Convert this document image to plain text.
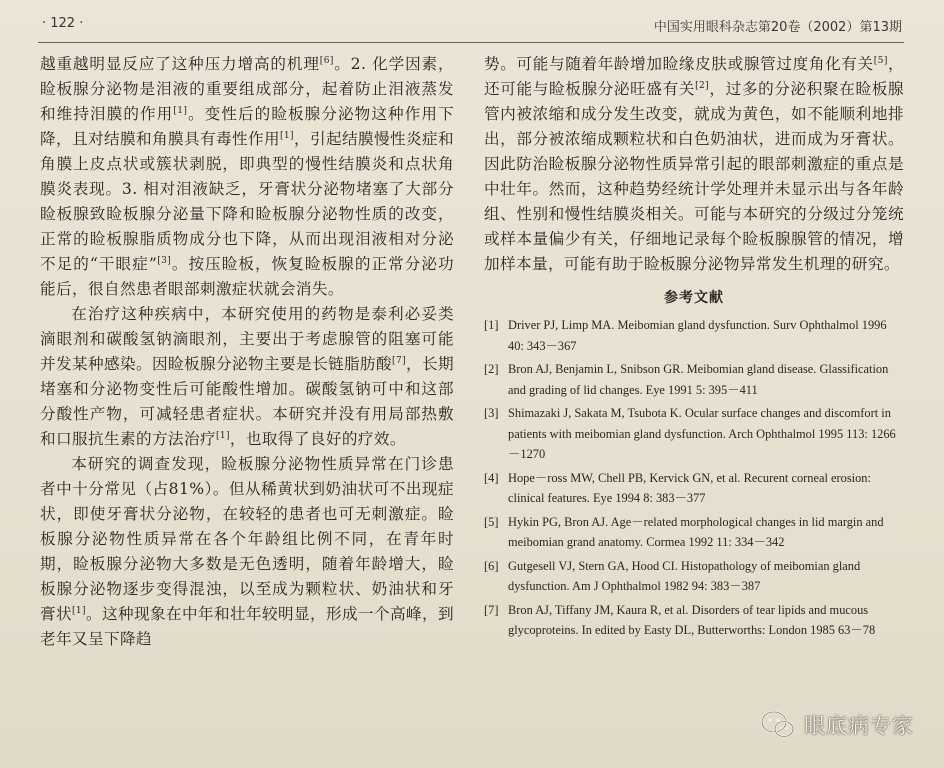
· 122 ·	中国实用眼科杂志第20卷（2002）第13期

越重越明显反应了这种压力增高的机理[6]。2. 化学因素，睑板腺分泌物是泪液的重要组成部分，起着防止泪液蒸发和维持泪膜的作用[1]。变性后的睑板腺分泌物这种作用下降，且对结膜和角膜具有毒性作用[1]，引起结膜慢性炎症和角膜上皮点状或簇状剥脱，即典型的慢性结膜炎和点状角膜炎表现。3. 相对泪液缺乏，牙膏状分泌物堵塞了大部分睑板腺致睑板腺分泌量下降和睑板腺分泌物性质的改变，正常的睑板腺脂质物成分也下降，从而出现泪液相对分泌不足的“干眼症”[3]。按压睑板，恢复睑板腺的正常分泌功能后，很自然患者眼部刺激症状就会消失。

在治疗这种疾病中，本研究使用的药物是泰利必妥类滴眼剂和碳酸氢钠滴眼剂，主要出于考虑腺管的阻塞可能并发某种感染。因睑板腺分泌物主要是长链脂肪酸[7]，长期堵塞和分泌物变性后可能酸性增加。碳酸氢钠可中和这部分酸性产物，可减轻患者症状。本研究并没有用局部热敷和口服抗生素的方法治疗[1]，也取得了良好的疗效。

本研究的调查发现，睑板腺分泌物性质异常在门诊患者中十分常见（占81%）。但从稀黄状到奶油状可不出现症状，即使牙膏状分泌物，在较轻的患者也可无刺激症。睑板腺分泌物性质异常在各个年龄组比例不同，在青年时期，睑板腺分泌物大多数是无色透明，随着年龄增大，睑板腺分泌物逐步变得混浊，以至成为颗粒状、奶油状和牙膏状[1]。这种现象在中年和壮年较明显，形成一个高峰，到老年又呈下降趋

势。可能与随着年龄增加睑缘皮肤或腺管过度角化有关[5]，还可能与睑板腺分泌旺盛有关[2]，过多的分泌积聚在睑板腺管内被浓缩和成分发生改变，就成为黄色，如不能顺利地排出，部分被浓缩成颗粒状和白色奶油状，进而成为牙膏状。因此防治睑板腺分泌物性质异常引起的眼部刺激症的重点是中壮年。然而，这种趋势经统计学处理并未显示出与各年龄组、性别和慢性结膜炎相关。可能与本研究的分级过分笼统或样本量偏少有关，仔细地记录每个睑板腺腺管的情况，增加样本量，可能有助于睑板腺分泌物异常发生机理的研究。

参考文献
[1] Driver PJ, Limp MA. Meibomian gland dysfunction. Surv Ophthalmol 1996 40: 343－367
[2] Bron AJ, Benjamin L, Snibson GR. Meibomian gland disease. Glassification and grading of lid changes. Eye 1991 5: 395－411
[3] Shimazaki J, Sakata M, Tsubota K. Ocular surface changes and discomfort in patients with meibomian gland dysfunction. Arch Ophthalmol 1995 113: 1266－1270
[4] Hope－ross MW, Chell PB, Kervick GN, et al. Recurent corneal erosion: clinical features. Eye 1994 8: 383－377
[5] Hykin PG, Bron AJ. Age－related morphological changes in lid margin and meibomian grand anatomy. Cormea 1992 11: 334－342
[6] Gutgesell VJ, Stern GA, Hood CI. Histopathology of meibomian gland dysfunction. Am J Ophthalmol 1982 94: 383－387
[7] Bron AJ, Tiffany JM, Kaura R, et al. Disorders of tear lipids and mucous glycoproteins. In edited by Easty DL, Butterworths: London 1985 63－78
眼底病专家
